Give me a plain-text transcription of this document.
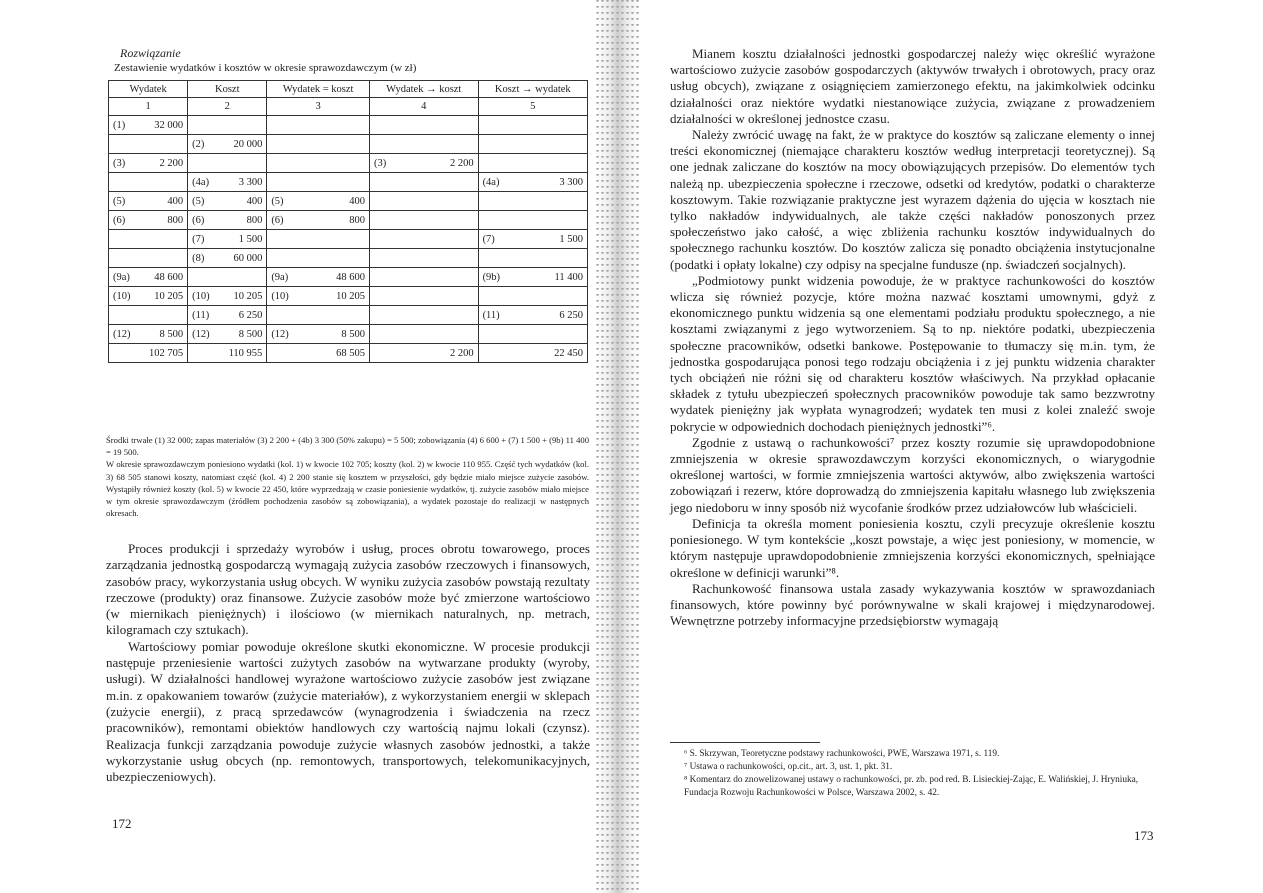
Rozwiązanie
Zestawienie wydatków i kosztów w okresie sprawozdawczym (w zł)
Wydatek	Koszt	Wydatek = koszt	Wydatek → koszt	Koszt → wydatek
1	2	3	4	5

(1) 32 000				

	(2) 20 000			

(3) 2 200			(3) 2 200	

	(4a) 3 300			(4a) 3 300

(5) 400	(5) 400	(5) 400		

(6) 800	(6) 800	(6) 800		

	(7) 1 500			(7) 1 500

	(8) 60 000			

(9a) 48 600		(9a) 48 600		(9b) 11 400

(10) 10 205	(10) 10 205	(10) 10 205		

	(11) 6 250			(11) 6 250

(12) 8 500	(12) 8 500	(12) 8 500		

102 705	110 955	68 505	2 200	22 450

Środki trwałe (1) 32 000; zapas materiałów (3) 2 200 + (4b) 3 300 (50% zakupu) = 5 500; zobowiązania (4) 6 600 + (7) 1 500 + (9b) 11 400 = 19 500.

W okresie sprawozdawczym poniesiono wydatki (kol. 1) w kwocie 102 705; koszty (kol. 2) w kwocie 110 955. Część tych wydatków (kol. 3) 68 505 stanowi koszty, natomiast część (kol. 4) 2 200 stanie się kosztem w przyszłości, gdy będzie miało miejsce zużycie zasobów. Wystąpiły również koszty (kol. 5) w kwocie 22 450, które wyprzedzają w czasie poniesienie wydatków, tj. zużycie zasobów miało miejsce w tym okresie sprawozdawczym (źródłem pochodzenia zasobów są zobowiązania), a wydatek pozostaje do realizacji w następnych okresach.

Proces produkcji i sprzedaży wyrobów i usług, proces obrotu towarowego, proces zarządzania jednostką gospodarczą wymagają zużycia zasobów rzeczowych i finansowych, zasobów pracy, wykorzystania usług obcych. W wyniku zużycia zasobów powstają rezultaty rzeczowe (produkty) oraz finansowe. Zużycie zasobów może być zmierzone wartościowo (w miernikach pieniężnych) i ilościowo (w miernikach naturalnych, np. metrach, kilogramach czy sztukach).

Wartościowy pomiar powoduje określone skutki ekonomiczne. W procesie produkcji następuje przeniesienie wartości zużytych zasobów na wytwarzane produkty (wyroby, usługi). W działalności handlowej wyrażone wartościowo zużycie zasobów jest związane m.in. z opakowaniem towarów (zużycie materiałów), z wykorzystaniem energii w sklepach (zużycie energii), z pracą sprzedawców (wynagrodzenia i świadczenia na rzecz pracowników), remontami obiektów handlowych czy wartością najmu lokali (czynsz). Realizacja funkcji zarządzania powoduje zużycie własnych zasobów jednostki, a także wykorzystanie usług obcych (np. remontowych, transportowych, telekomunikacyjnych, ubezpieczeniowych).

172

Mianem kosztu działalności jednostki gospodarczej należy więc określić wyrażone wartościowo zużycie zasobów gospodarczych (aktywów trwałych i obrotowych, pracy oraz usług obcych), związane z osiągnięciem zamierzonego efektu, na jakimkolwiek odcinku działalności oraz niektóre wydatki niestanowiące zużycia, związane z prowadzeniem działalności w określonej jednostce czasu.

Należy zwrócić uwagę na fakt, że w praktyce do kosztów są zaliczane elementy o innej treści ekonomicznej (niemające charakteru kosztów według interpretacji teoretycznej). Są one jednak zaliczane do kosztów na mocy obowiązujących przepisów. Do elementów tych należą np. ubezpieczenia społeczne i rzeczowe, odsetki od kredytów, podatki o charakterze kosztowym. Takie rozwiązanie praktyczne jest wyrazem dążenia do ujęcia w kosztach nie tylko nakładów indywidualnych, ale także części nakładów ponoszonych przez społeczeństwo jako całość, a więc zbliżenia rachunku kosztów indywidualnych do społecznego rachunku kosztów. Do kosztów zalicza się ponadto obciążenia instytucjonalne (podatki i opłaty lokalne) czy odpisy na specjalne fundusze (np. świadczeń socjalnych).

„Podmiotowy punkt widzenia powoduje, że w praktyce rachunkowości do kosztów wlicza się również pozycje, które można nazwać kosztami umownymi, gdyż z ekonomicznego punktu widzenia są one elementami podziału produktu społecznego, a nie kosztami związanymi z jego wytworzeniem. Są to np. niektóre podatki, ubezpieczenia społeczne pracowników, odsetki bankowe. Postępowanie to tłumaczy się m.in. tym, że jednostka gospodarująca ponosi tego rodzaju obciążenia i z jej punktu widzenia charakter tych obciążeń nie różni się od charakteru kosztów właściwych. Na przykład opłacanie składek z tytułu ubezpieczeń społecznych pracowników powoduje tak samo bezzwrotny wydatek pieniężny jak wypłata wynagrodzeń; wydatek ten musi z kolei znaleźć swoje pokrycie w odpowiednich dochodach pieniężnych jednostki”⁶.

Zgodnie z ustawą o rachunkowości⁷ przez koszty rozumie się uprawdopodobnione zmniejszenia w okresie sprawozdawczym korzyści ekonomicznych, o wiarygodnie określonej wartości, w formie zmniejszenia wartości aktywów, albo zwiększenia wartości zobowiązań i rezerw, które doprowadzą do zmniejszenia kapitału własnego lub zwiększenia jego niedoboru w inny sposób niż wycofanie środków przez udziałowców lub właścicieli.

Definicja ta określa moment poniesienia kosztu, czyli precyzuje określenie kosztu poniesionego. W tym kontekście „koszt powstaje, a więc jest poniesiony, w momencie, w którym następuje uprawdopodobnienie zmniejszenia korzyści ekonomicznych, spełniające określone w definicji warunki”⁸.

Rachunkowość finansowa ustala zasady wykazywania kosztów w sprawozdaniach finansowych, które powinny być porównywalne w skali krajowej i międzynarodowej. Wewnętrzne potrzeby informacyjne przedsiębiorstw wymagają

⁶ S. Skrzywan, Teoretyczne podstawy rachunkowości, PWE, Warszawa 1971, s. 119.

⁷ Ustawa o rachunkowości, op.cit., art. 3, ust. 1, pkt. 31.

⁸ Komentarz do znowelizowanej ustawy o rachunkowości, pr. zb. pod red. B. Lisieckiej-Zając, E. Walińskiej, J. Hryniuka, Fundacja Rozwoju Rachunkowości w Polsce, Warszawa 2002, s. 42.

173
